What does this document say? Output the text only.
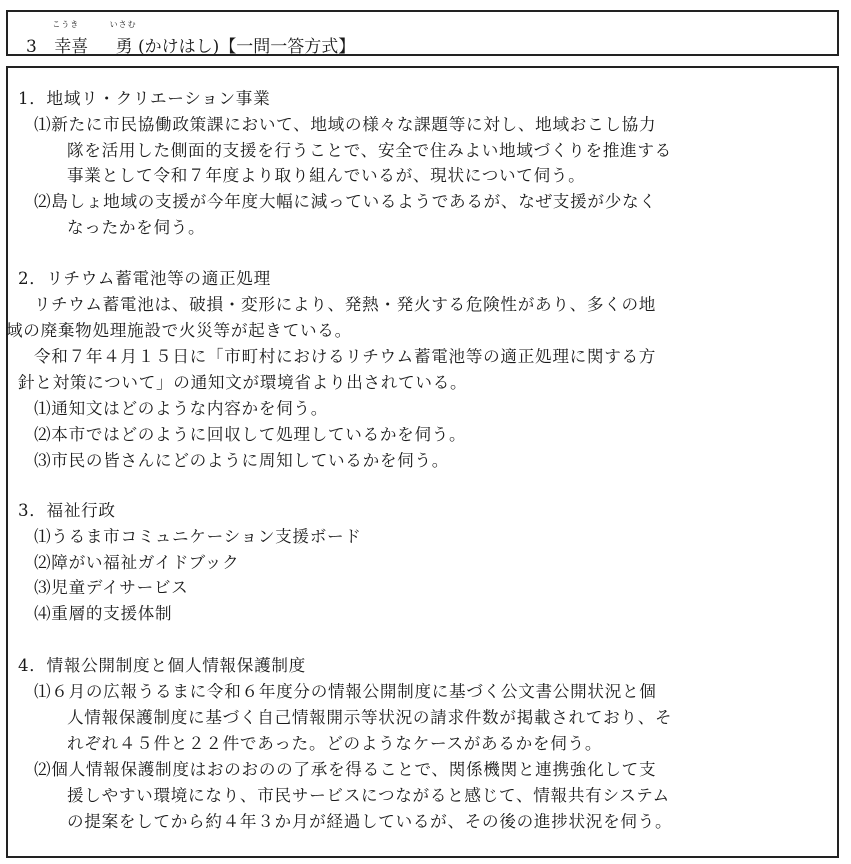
3
こうき
幸喜
いさむ
勇 (かけはし)【一問一答方式】
1．地域リ・クリエーション事業
⑴新たに市民協働政策課において、地域の様々な課題等に対し、地域おこし協力
隊を活用した側面的支援を行うことで、安全で住みよい地域づくりを推進する
事業として令和７年度より取り組んでいるが、現状について伺う。
⑵島しょ地域の支援が今年度大幅に減っているようであるが、なぜ支援が少なく
なったかを伺う。
2．リチウム蓄電池等の適正処理
リチウム蓄電池は、破損・変形により、発熱・発火する危険性があり、多くの地
域の廃棄物処理施設で火災等が起きている。
令和７年４月１５日に「市町村におけるリチウム蓄電池等の適正処理に関する方
針と対策について」の通知文が環境省より出されている。
⑴通知文はどのような内容かを伺う。
⑵本市ではどのように回収して処理しているかを伺う。
⑶市民の皆さんにどのように周知しているかを伺う。
3．福祉行政
⑴うるま市コミュニケーション支援ボード
⑵障がい福祉ガイドブック
⑶児童デイサービス
⑷重層的支援体制
4．情報公開制度と個人情報保護制度
⑴６月の広報うるまに令和６年度分の情報公開制度に基づく公文書公開状況と個
人情報保護制度に基づく自己情報開示等状況の請求件数が掲載されており、そ
れぞれ４５件と２２件であった。どのようなケースがあるかを伺う。
⑵個人情報保護制度はおのおのの了承を得ることで、関係機関と連携強化して支
援しやすい環境になり、市民サービスにつながると感じて、情報共有システム
の提案をしてから約４年３か月が経過しているが、その後の進捗状況を伺う。
